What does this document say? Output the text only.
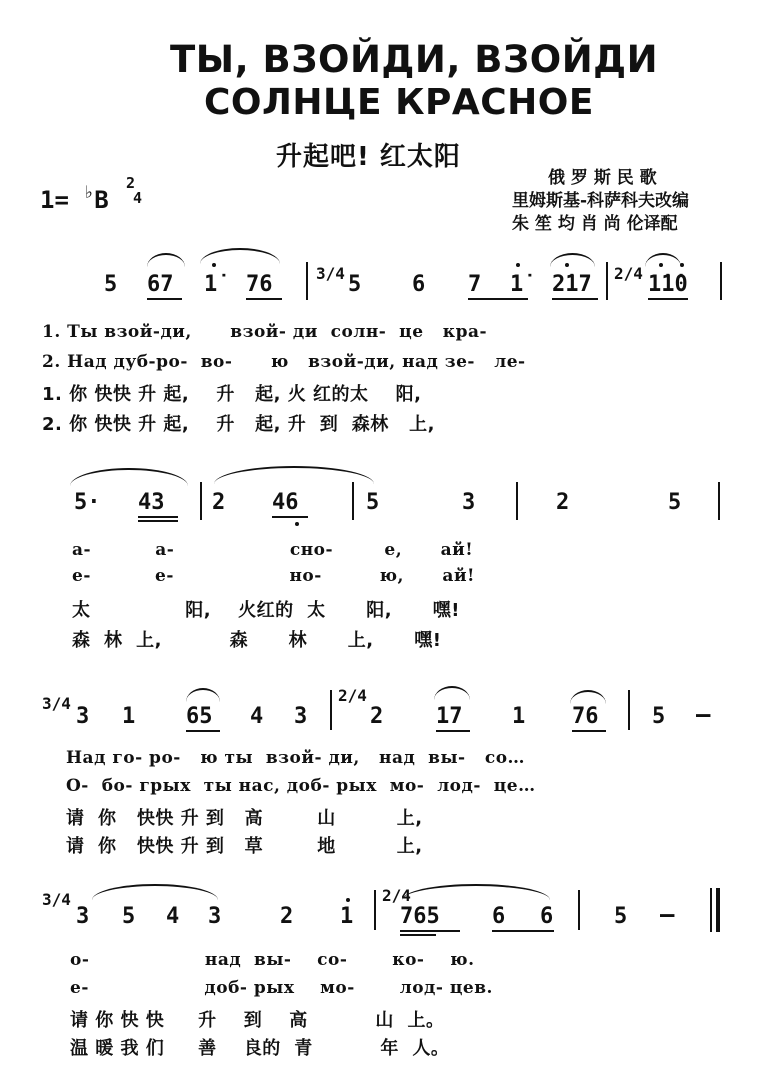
ТЫ, ВЗОЙДИ, ВЗОЙДИ
СОЛНЦЕ КРАСНОЕ
升起吧! 红太阳
1= ♭B
2
4
俄 罗 斯 民 歌
里姆斯基-科萨科夫改编
朱 笙 均 肖 尚 伦译配
5 67 1̇ 76	3/4 5 6 7 1̇ 2̇17 2/4 1̇1̇0
1. Ты взой-ди,      взой- ди  солн-  це   кра-
2. Над дуб-ро-  во-      ю   взой-ди, над зе-   ле-
1. 你 快快 升 起,    升   起, 火 红的太    阳,
2. 你 快快 升 起,    升   起, 升  到  森林   上,
5· 43 2 46	5	3	2	5
а-          а-                  сно-        е,      ай!
е-          е-                  но-         ю,      ай!
太              阳,    火红的  太      阳,      嘿!
森  林  上,          森      林      上,      嘿!
3/4
3 1 65 4 3
2/4
2 17 1 76 5 —
Над го- ро-   ю ты  взой- ди,   над  вы-   со…
О-  бо- грых  ты нас, доб- рых  мо-  лод-  це…
请  你   快快 升 到   高        山         上,
请  你   快快 升 到   草        地         上,
3/4
3 5 4 3	2 1
2/4
765 6 6	5 —
о-                  над  вы-    со-       ко-    ю.
е-                  доб- рых    мо-       лод- цев.
请 你 快 快     升    到    高          山  上。
温 暖 我 们     善    良的  青          年  人。
